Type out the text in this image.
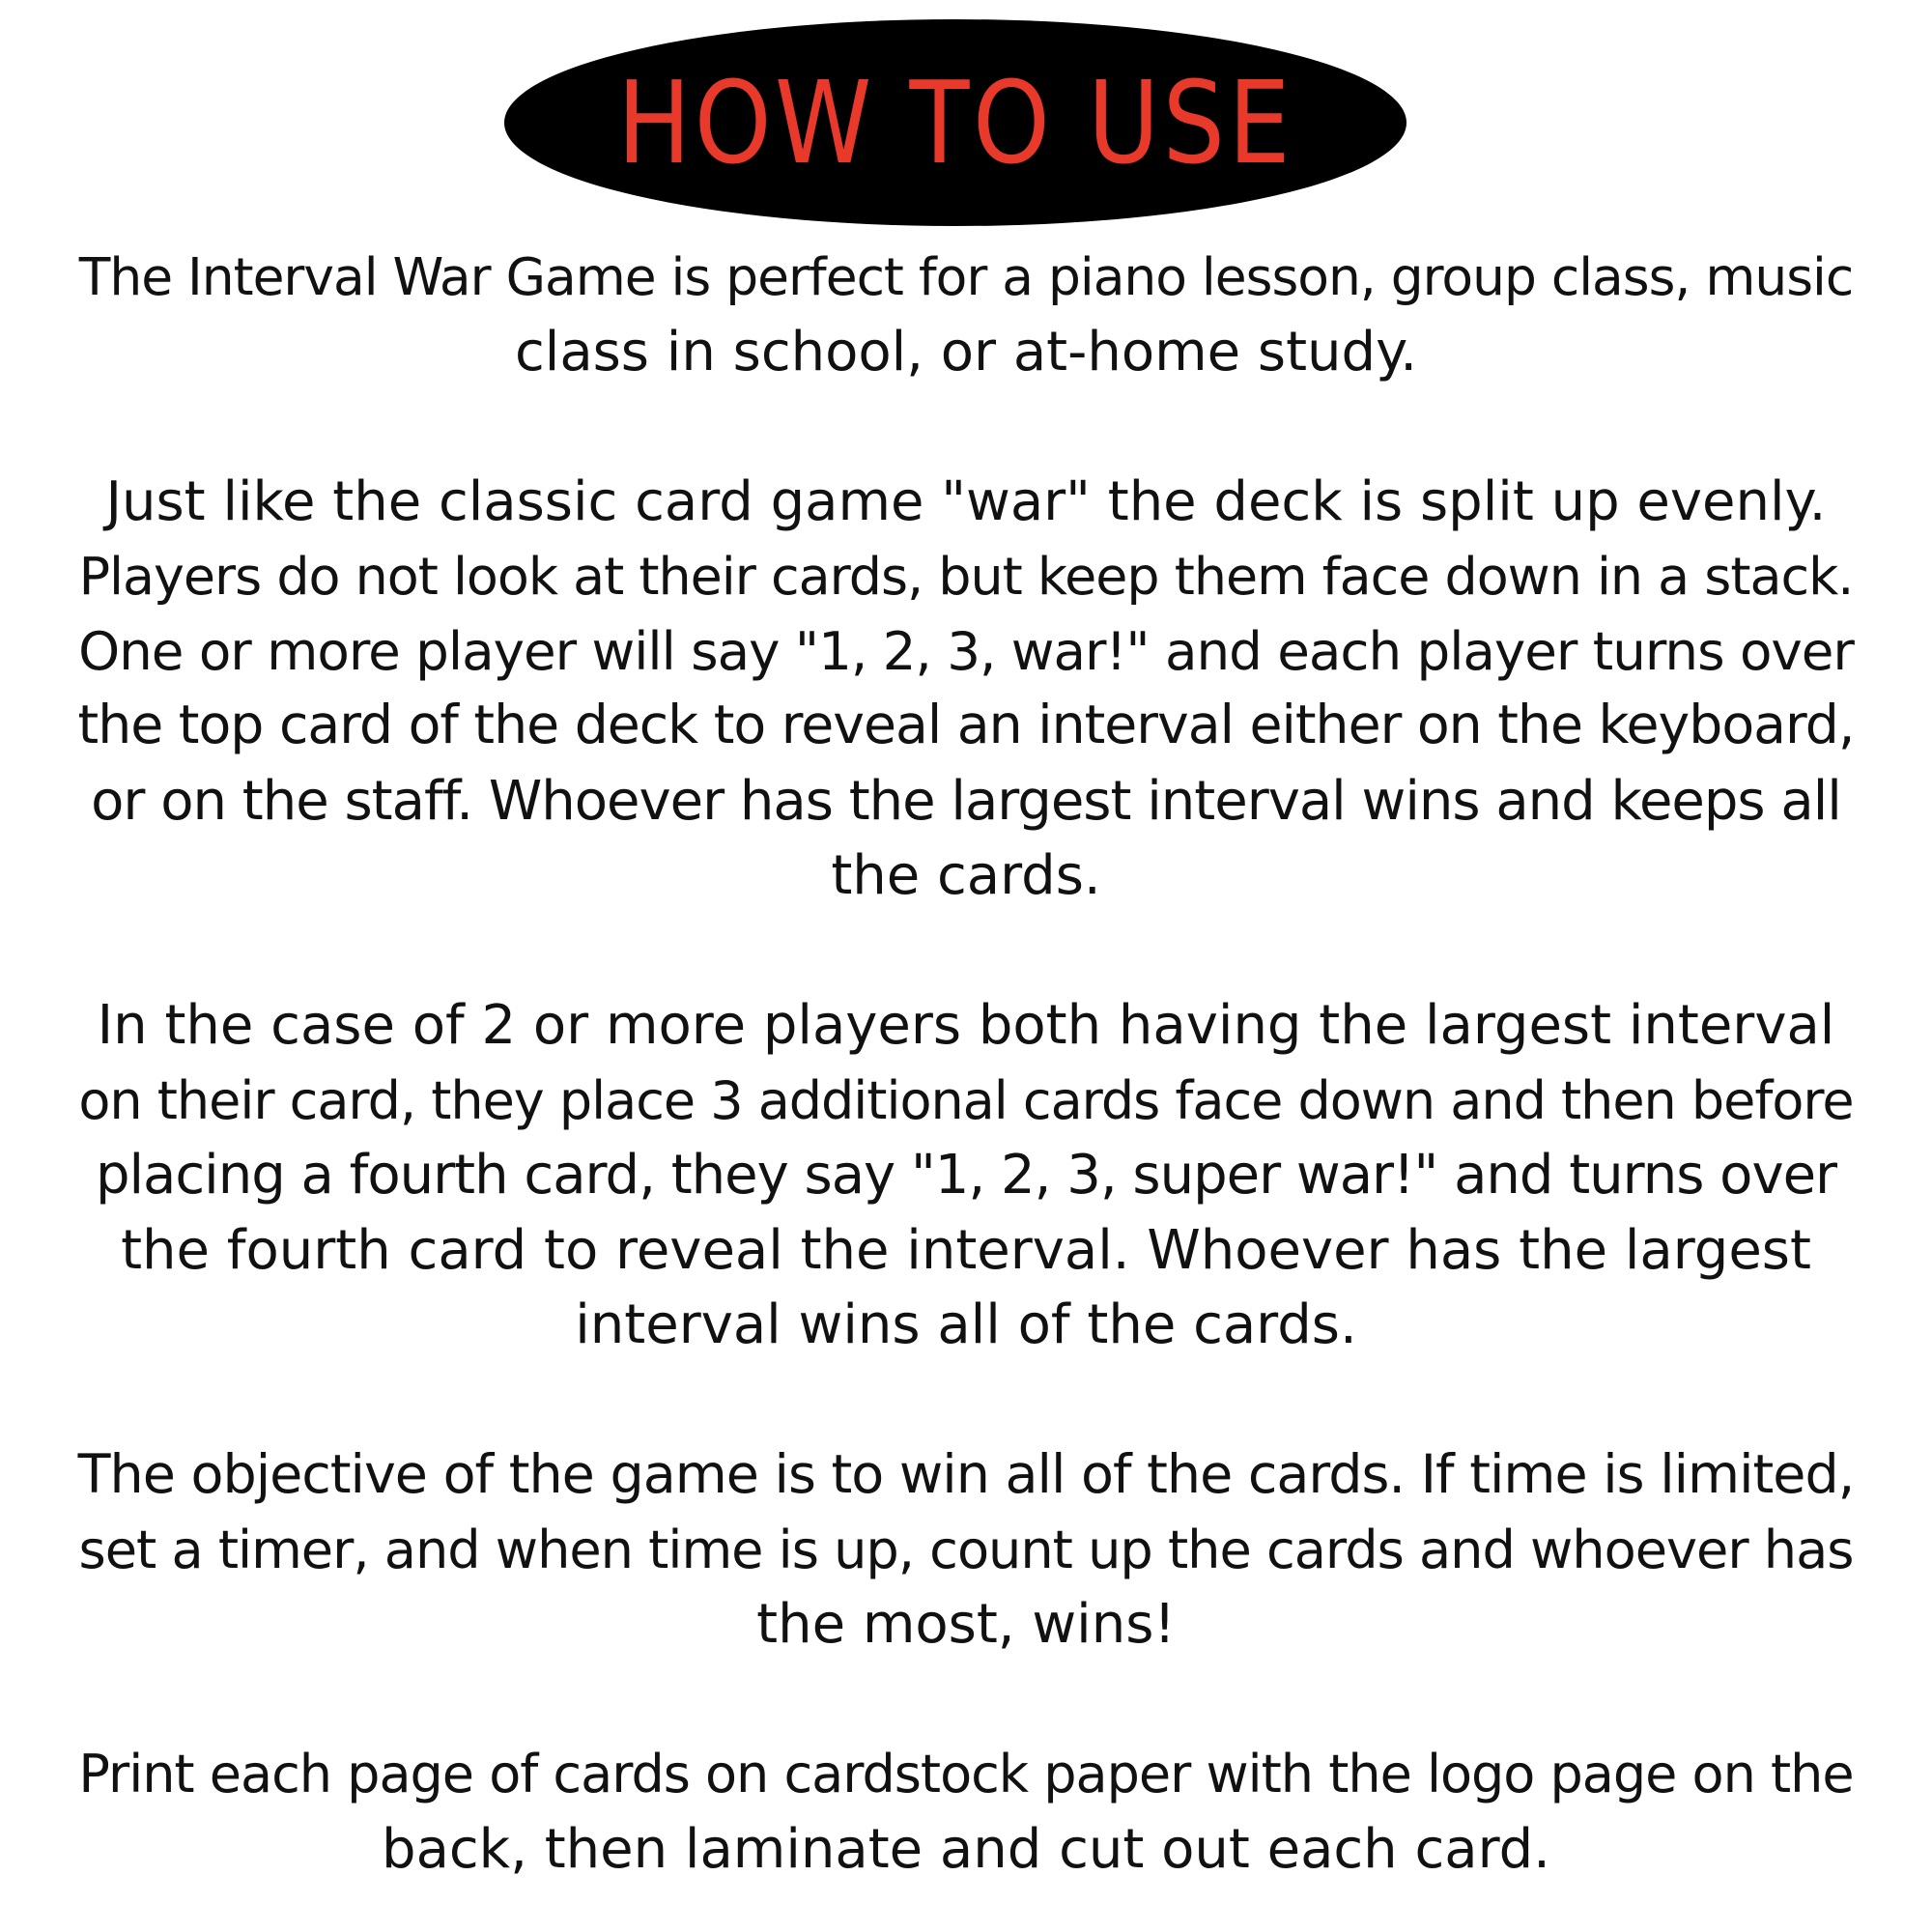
HOW TO USE
The Interval War Game is perfect for a piano lesson, group class, music
class in school, or at-home study.
Just like the classic card game "war" the deck is split up evenly.
Players do not look at their cards, but keep them face down in a stack.
One or more player will say "1, 2, 3, war!" and each player turns over
the top card of the deck to reveal an interval either on the keyboard,
or on the staff. Whoever has the largest interval wins and keeps all
the cards.
In the case of 2 or more players both having the largest interval
on their card, they place 3 additional cards face down and then before
placing a fourth card, they say "1, 2, 3, super war!" and turns over
the fourth card to reveal the interval. Whoever has the largest
interval wins all of the cards.
The objective of the game is to win all of the cards. If time is limited,
set a timer, and when time is up, count up the cards and whoever has
the most, wins!
Print each page of cards on cardstock paper with the logo page on the
back, then laminate and cut out each card.
